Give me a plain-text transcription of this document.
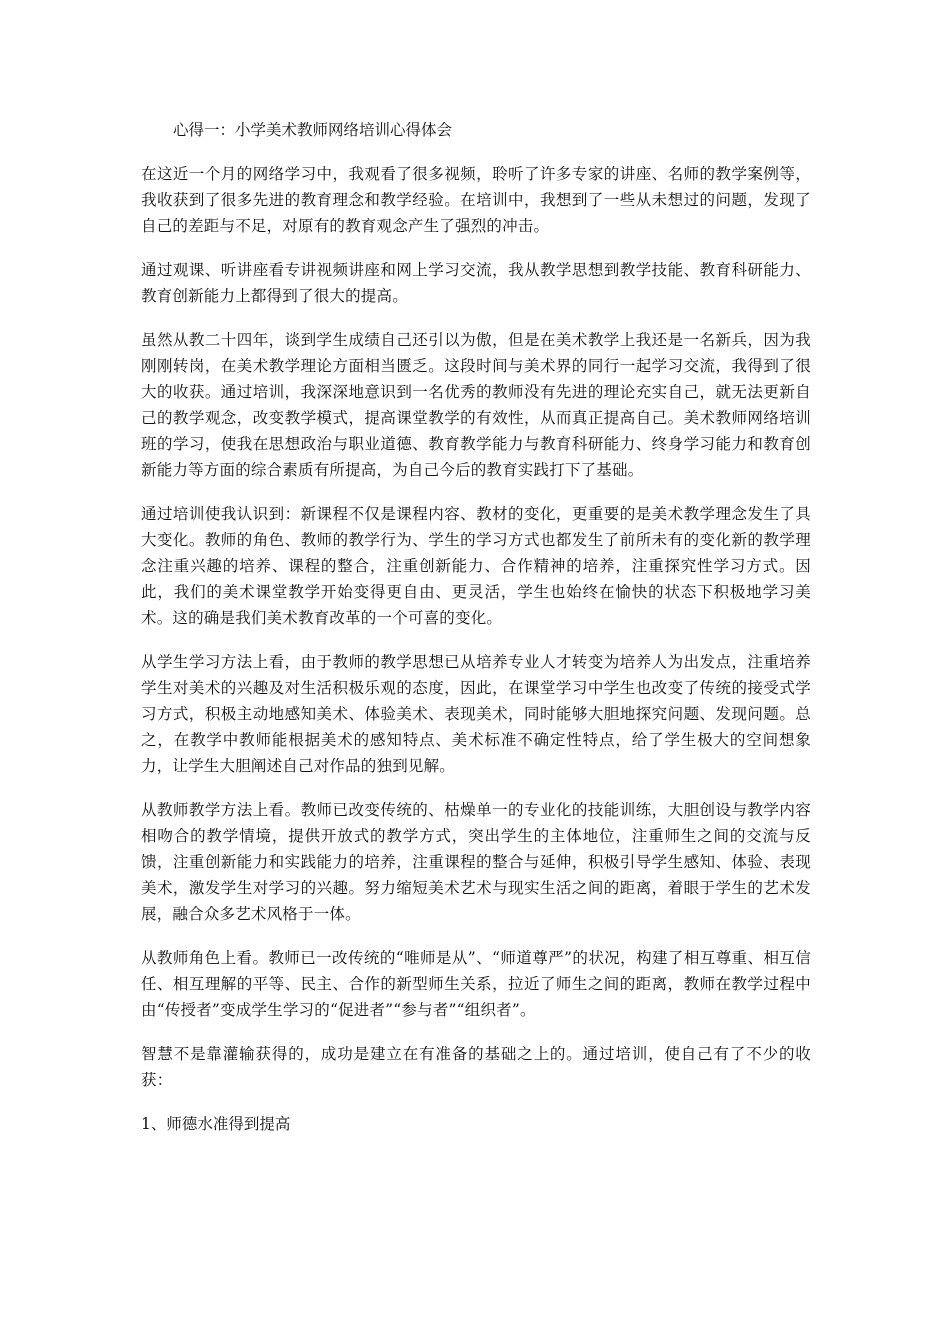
心得一：小学美术教师网络培训心得体会

在这近一个月的网络学习中，我观看了很多视频，聆听了许多专家的讲座、名师的教学案例等，我收获到了很多先进的教育理念和教学经验。在培训中，我想到了一些从未想过的问题，发现了自己的差距与不足，对原有的教育观念产生了强烈的冲击。

通过观课、听讲座看专讲视频讲座和网上学习交流，我从教学思想到教学技能、教育科研能力、教育创新能力上都得到了很大的提高。

虽然从教二十四年，谈到学生成绩自己还引以为傲，但是在美术教学上我还是一名新兵，因为我刚刚转岗，在美术教学理论方面相当匮乏。这段时间与美术界的同行一起学习交流，我得到了很大的收获。通过培训，我深深地意识到一名优秀的教师没有先进的理论充实自己，就无法更新自己的教学观念，改变教学模式，提高课堂教学的有效性，从而真正提高自己。美术教师网络培训班的学习，使我在思想政治与职业道德、教育教学能力与教育科研能力、终身学习能力和教育创新能力等方面的综合素质有所提高，为自己今后的教育实践打下了基础。

通过培训使我认识到：新课程不仅是课程内容、教材的变化，更重要的是美术教学理念发生了具大变化。教师的角色、教师的教学行为、学生的学习方式也都发生了前所未有的变化新的教学理念注重兴趣的培养、课程的整合，注重创新能力、合作精神的培养，注重探究性学习方式。因此，我们的美术课堂教学开始变得更自由、更灵活，学生也始终在愉快的状态下积极地学习美术。这的确是我们美术教育改革的一个可喜的变化。

从学生学习方法上看，由于教师的教学思想已从培养专业人才转变为培养人为出发点，注重培养学生对美术的兴趣及对生活积极乐观的态度，因此，在课堂学习中学生也改变了传统的接受式学习方式，积极主动地感知美术、体验美术、表现美术，同时能够大胆地探究问题、发现问题。总之，在教学中教师能根据美术的感知特点、美术标准不确定性特点，给了学生极大的空间想象力，让学生大胆阐述自己对作品的独到见解。

从教师教学方法上看。教师已改变传统的、枯燥单一的专业化的技能训练，大胆创设与教学内容相吻合的教学情境，提供开放式的教学方式，突出学生的主体地位，注重师生之间的交流与反馈，注重创新能力和实践能力的培养，注重课程的整合与延伸，积极引导学生感知、体验、表现美术，激发学生对学习的兴趣。努力缩短美术艺术与现实生活之间的距离，着眼于学生的艺术发展，融合众多艺术风格于一体。

从教师角色上看。教师已一改传统的“唯师是从”、“师道尊严”的状况，构建了相互尊重、相互信任、相互理解的平等、民主、合作的新型师生关系，拉近了师生之间的距离，教师在教学过程中由“传授者”变成学生学习的“促进者”“参与者”“组织者”。

智慧不是靠灌输获得的，成功是建立在有准备的基础之上的。通过培训，使自己有了不少的收获：

1、师德水准得到提高
